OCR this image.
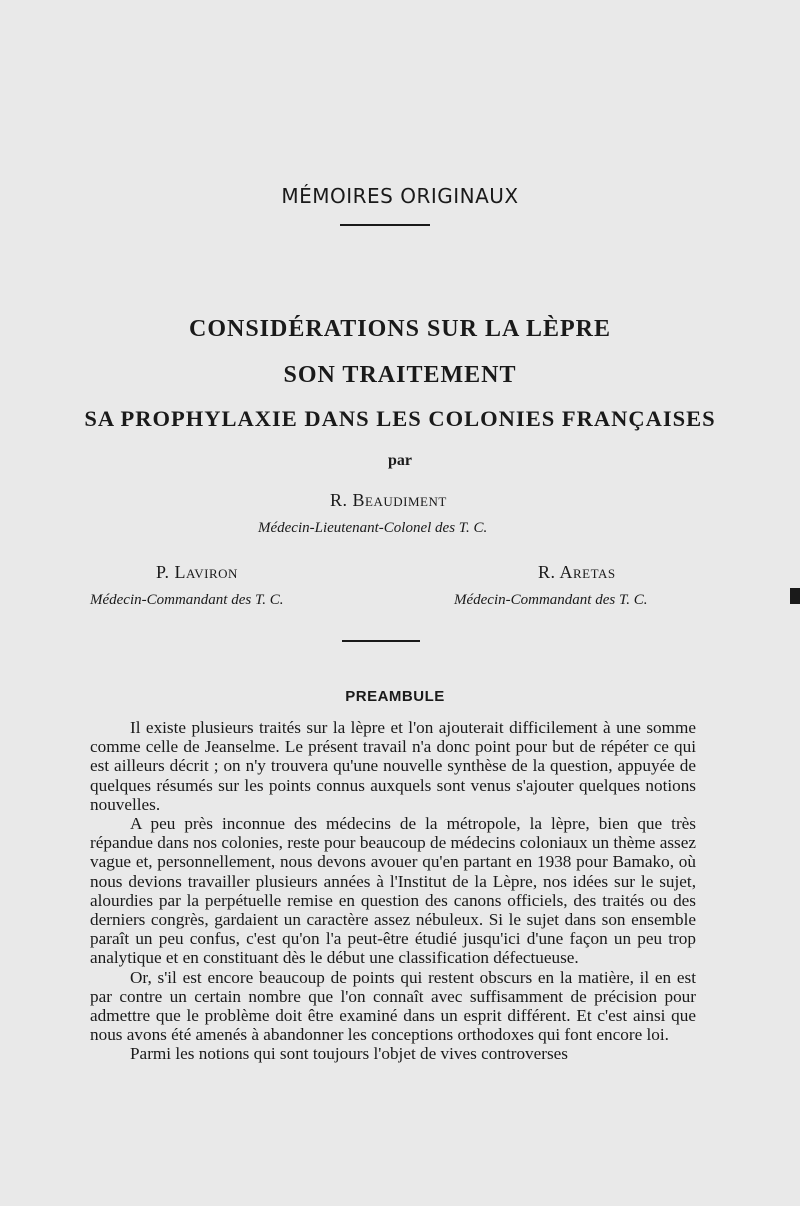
MÉMOIRES ORIGINAUX
CONSIDÉRATIONS SUR LA LÈPRE
SON TRAITEMENT
SA PROPHYLAXIE DANS LES COLONIES FRANÇAISES
par
R. Beaudiment
Médecin-Lieutenant-Colonel des T. C.
P. Laviron
Médecin-Commandant des T. C.
R. Aretas
Médecin-Commandant des T. C.
PREAMBULE

Il existe plusieurs traités sur la lèpre et l'on ajouterait difficilement à une somme comme celle de Jeanselme. Le présent travail n'a donc point pour but de répéter ce qui est ailleurs décrit ; on n'y trouvera qu'une nouvelle synthèse de la question, appuyée de quelques résumés sur les points connus auxquels sont venus s'ajouter quelques notions nouvelles.

A peu près inconnue des médecins de la métropole, la lèpre, bien que très répandue dans nos colonies, reste pour beaucoup de médecins coloniaux un thème assez vague et, personnellement, nous devons avouer qu'en partant en 1938 pour Bamako, où nous devions travailler plusieurs années à l'Institut de la Lèpre, nos idées sur le sujet, alourdies par la perpétuelle remise en question des canons officiels, des traités ou des derniers congrès, gardaient un caractère assez nébuleux. Si le sujet dans son ensemble paraît un peu confus, c'est qu'on l'a peut-être étudié jusqu'ici d'une façon un peu trop analytique et en constituant dès le début une classification défectueuse.

Or, s'il est encore beaucoup de points qui restent obscurs en la matière, il en est par contre un certain nombre que l'on connaît avec suffisamment de précision pour admettre que le problème doit être examiné dans un esprit différent. Et c'est ainsi que nous avons été amenés à abandonner les conceptions orthodoxes qui font encore loi.

Parmi les notions qui sont toujours l'objet de vives controverses
